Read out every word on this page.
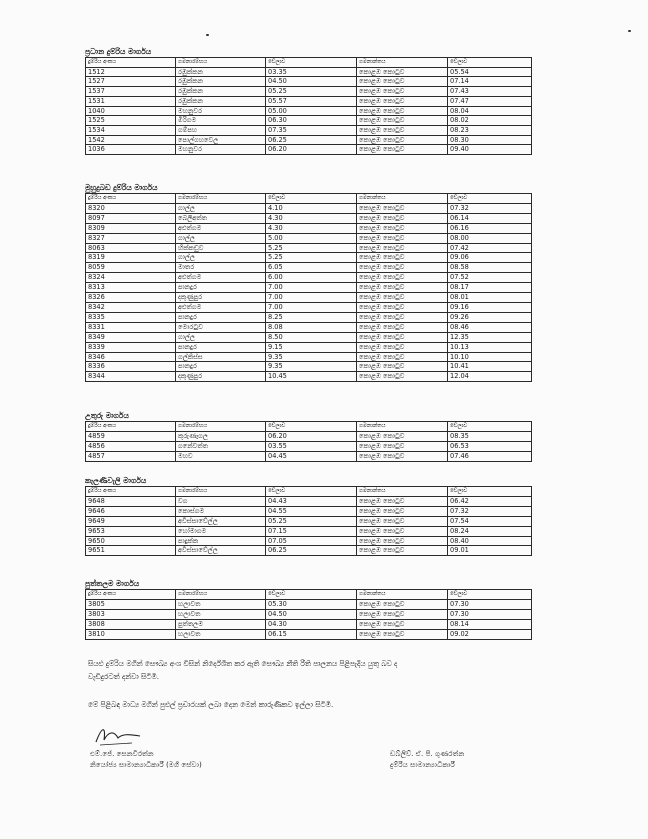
ප්‍රධාන දුම්රිය මාර්ගය
දුම්රිය අංකය	ගමනාරම්භය	වේලාව	ගමනාන්තය	වේලාව
1512	රඹුක්කන	03.35	කොළඹ කොටුව	05.54
1527	රඹුක්කන	04.50	කොළඹ කොටුව	07.14
1537	රඹුක්කන	05.25	කොළඹ කොටුව	07.43
1531	රඹුක්කන	05.57	කොළඹ කොටුව	07.47
1040	මහනුවර	05.00	කොළඹ කොටුව	08.04
1525	මීරිගම	06.30	කොළඹ කොටුව	08.02
1534	ගම්පහ	07.35	කොළඹ කොටුව	08.23
1542	පොල්ගහවෙල	06.25	කොළඹ කොටුව	08.30
1036	මහනුවර	06.20	කොළඹ කොටුව	09.40
මුහුදුබඩ දුම්රිය මාර්ගය
දුම්රිය අංකය	ගමනාරම්භය	වේලාව	ගමනාන්තය	වේලාව
8320	ගාල්ල	4.10	කොළඹ කොටුව	07.32
8097	බෙලිඅත්ත	4.30	කොළඹ කොටුව	06.14
8309	අළුත්ගම	4.30	කොළඹ කොටුව	06.16
8327	ගාල්ල	5.00	කොළඹ කොටුව	08.00
8063	හික්කඩුව	5.25	කොළඹ කොටුව	07.42
8319	ගාල්ල	5.25	කොළඹ කොටුව	09.06
8059	මාතර	6.05	කොළඹ කොටුව	08.58
8324	අළුත්ගම	6.00	කොළඹ කොටුව	07.52
8313	පානදුර	7.00	කොළඹ කොටුව	08.17
8326	දකුණුපුර	7.00	කොළඹ කොටුව	08.01
8342	අළුත්ගම	7.00	කොළඹ කොටුව	09.16
8335	පානදුර	8.25	කොළඹ කොටුව	09.26
8331	මොරටුව	8.08	කොළඹ කොටුව	08.46
8349	ගාල්ල	8.50	කොළඹ කොටුව	12.35
8339	පානදුර	9.15	කොළඹ කොටුව	10.13
8346	ගල්කිස්ස	9.35	කොළඹ කොටුව	10.10
8336	පානදුර	9.35	කොළඹ කොටුව	10.41
8344	දකුණුපුර	10.45	කොළඹ කොටුව	12.04
උතුරු මාර්ගය
දුම්රිය අංකය	ගමනාරම්භය	වේලාව	ගමනාන්තය	වේලාව
4859	කුරුණෑගල	06.20	කොළඹ කොටුව	08.35
4856	ගනේවත්ත	03.55	කොළඹ කොටුව	06.53
4857	මහව	04.45	කොළඹ කොටුව	07.46
කැලණිවැලි මාර්ගය
දුම්රිය අංකය	ගමනාරම්භය	වේලාව	ගමනාන්තය	වේලාව
9648	වග	04.43	කොළඹ කොටුව	06.42
9646	කොස්ගම	04.55	කොළඹ කොටුව	07.32
9649	අවිස්සාවේල්ල	05.25	කොළඹ කොටුව	07.54
9653	හෝමාගම	07.15	කොළඹ කොටුව	08.24
9650	පාදුක්ක	07.05	කොළඹ කොටුව	08.40
9651	අවිස්සාවේල්ල	06.25	කොළඹ කොටුව	09.01
පුත්තලම මාර්ගය
දුම්රිය අංකය	ගමනාරම්භය	වේලාව	ගමනාන්තය	වේලාව
3805	හලාවත	05.30	කොළඹ කොටුව	07.30
3803	හලාවත	04.50	කොළඹ කොටුව	07.30
3808	පුත්තලම	04.30	කොළඹ කොටුව	08.14
3810	හලාවත	06.15	කොළඹ කොටුව	09.02
සියළු දුම්රිය මගින් සෞඛ්‍ය අංශ විසින් නිර්දේශිත කර ඇති සෞඛ්‍ය නීති රීති පාලනය පිළිපැදිය යුතු බව ද
වැඩිදුරටත් දන්වා සිටිමි.
මේ පිළිබඳ මාධ්‍ය මගින් පුළුල් ප්‍රචාරයක් ලබා දෙන මෙන් කාරුණිකව ඉල්ලා සිටිමි.
එම්.ජේ. සෙනවිරත්න
නියෝජ්‍ය සාමාන්‍යාධිකාරී (මගී සේවා)
ඩබ්ලිව්. ඒ. පී. ගුණරත්න
දුම්රිය සාමාන්‍යාධිකාරී
